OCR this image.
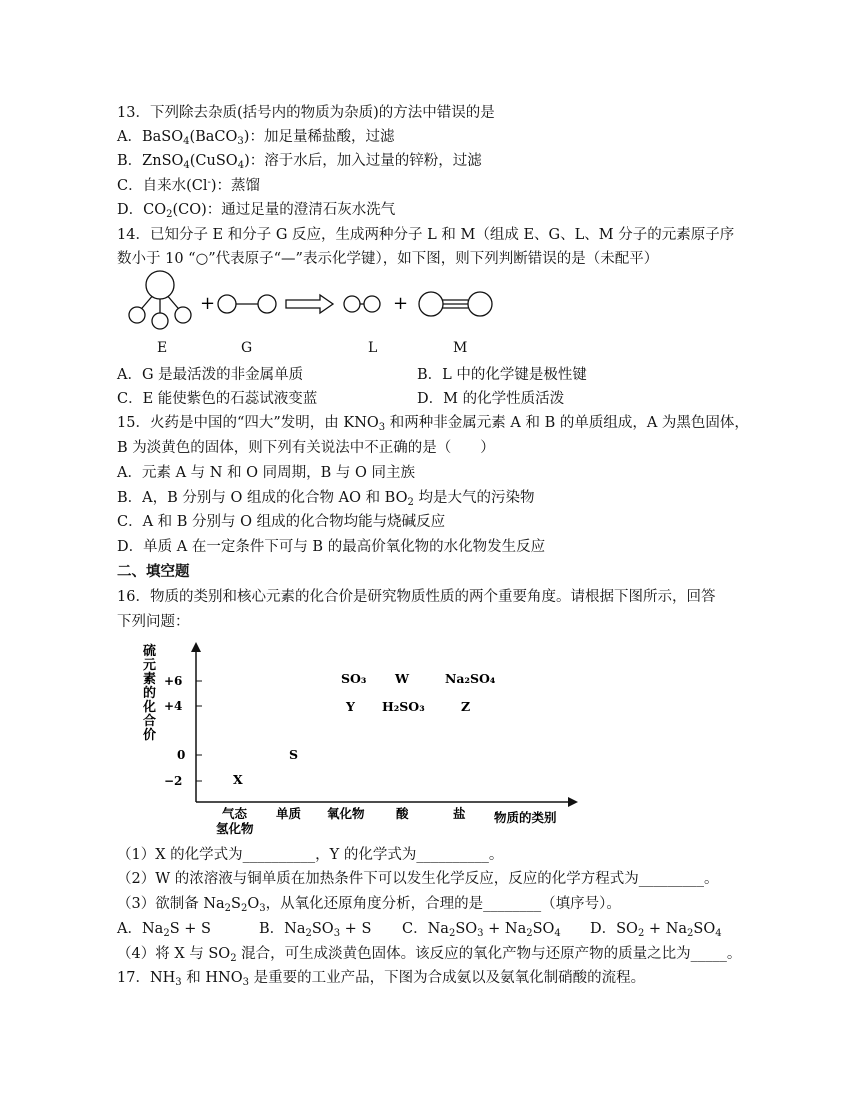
13．下列除去杂质(括号内的物质为杂质)的方法中错误的是
A．BaSO$_4$(BaCO$_3$)：加足量稀盐酸，过滤
B．ZnSO$_4$(CuSO$_4$)：溶于水后，加入过量的锌粉，过滤
C．自来水(Cl-)：蒸馏
D．$CO_2(CO)$：通过足量的澄清石灰水洗气
14．已知分子 E 和分子 G 反应，生成两种分子 L 和 M（组成 E、G、L、M 分子的元素原子序
数小于 10 “○”代表原子“—”表示化学键），如下图，则下列判断错误的是（未配平）
+	+
E	G	L	M
A．G 是最活泼的非金属单质	B．L 中的化学键是极性键
C．E 能使紫色的石蕊试液变蓝	D．M 的化学性质活泼
15．火药是中国的“四大”发明，由 $KNO_3$ 和两种非金属元素 A 和 B 的单质组成，A 为黑色固体，
B 为淡黄色的固体，则下列有关说法中不正确的是（　　）
A．元素 A 与 N 和 O 同周期，B 与 O 同主族
B．A，B 分别与 O 组成的化合物 AO 和 $BO_2$ 均是大气的污染物
C．A 和 B 分别与 O 组成的化合物均能与烧碱反应
D．单质 A 在一定条件下可与 B 的最高价氧化物的水化物发生反应
二、填空题
16．物质的类别和核心元素的化合价是研究物质性质的两个重要角度。请根据下图所示，回答
下列问题：
硫
元
素
的
化
合
价
+6
+4
0
−2
气态
氢化物
单质 氧化物	酸	盐 物质的类别
SO₃ W	Na₂SO₄
Y H₂SO₃	Z
S
X
（1）X 的化学式为__________，Y 的化学式为__________。
（2）W 的浓溶液与铜单质在加热条件下可以发生化学反应，反应的化学方程式为_________。
（3）欲制备 $Na_2S_2O_3$，从氧化还原角度分析，合理的是________（填序号）。
A．$Na_2S + S$	B．$Na_2SO_3 + S$ C．$Na_2SO_3 + Na_2SO_4$ D．$SO_2 + Na_2SO_4$
（4）将 X 与 $SO_2$ 混合，可生成淡黄色固体。该反应的氧化产物与还原产物的质量之比为_____。
17．$NH_3$ 和 $HNO_3$ 是重要的工业产品，下图为合成氨以及氨氧化制硝酸的流程。
